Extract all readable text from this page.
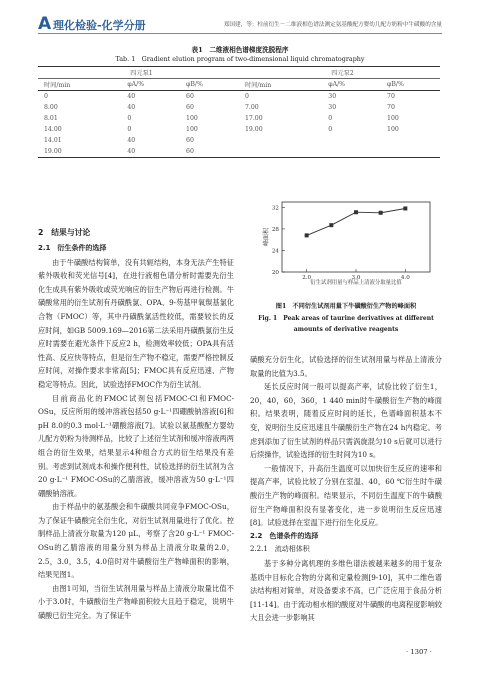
A 理化检验-化学分册	郑国建，等：柱前衍生－二维液相色谱法测定氨基酸配方婴幼儿配方奶粉中牛磺酸的含量
表1　二维液相色谱梯度洗脱程序
Tab. 1　Gradient elution program of two-dimensional liquid chromatography
四元泵1			四元泵2		
时间/min	φA/%	φB/%	时间/min	φA/%	φB/%
0	40	60	0	30	70
8.00	40	60	7.00	30	70
8.01	0	100	17.00	0	100
14.00	0	100	19.00	0	100
14.01	40	60			
19.00	40	60			

2　结果与讨论

2.1　衍生条件的选择

由于牛磺酸结构简单，没有共轭结构，本身无法产生特征紫外吸收和荧光信号[4]，在进行液相色谱分析时需要先衍生化生成具有紫外吸收或荧光响应的衍生产物后再进行检测。牛磺酸常用的衍生试剂有丹磺酰氯、OPA、9-芴基甲氧羰基氯化合物（FMOC）等，其中丹磺酰氯活性较低，需要较长的反应时间，如GB 5009.169—2016第二法采用丹磺酰氯衍生反应时需要在避光条件下反应2 h，检测效率较低；OPA具有活性高、反应快等特点，但是衍生产物不稳定，需要严格控制反应时间，对操作要求非常高[5]；FMOC具有反应迅速、产物稳定等特点。因此，试验选择FMOC作为衍生试剂。

目前商品化的FMOC试剂包括FMOC-Cl和FMOC-OSu，反应所用的缓冲溶液包括50 g·L⁻¹四硼酸钠溶液[6]和pH 8.0的0.3 mol·L⁻¹硼酸溶液[7]。试验以氨基酸配方婴幼儿配方奶粉为待测样品，比较了上述衍生试剂和缓冲溶液两两组合的衍生效果，结果显示4种组合方式的衍生结果没有差别。考虑到试剂成本和操作便利性，试验选择的衍生试剂为含20 g·L⁻¹ FMOC-OSu的乙腈溶液，缓冲溶液为50 g·L⁻¹四硼酸钠溶液。

由于样品中的氨基酸会和牛磺酸共同竞争FMOC-OSu，为了保证牛磺酸完全衍生化，对衍生试剂用量进行了优化。控制样品上清液分取量为120 μL，考察了含20 g·L⁻¹ FMOC-OSu的乙腈溶液的用量分别为样品上清液分取量的2.0，2.5，3.0，3.5，4.0倍时对牛磺酸衍生产物峰面积的影响，结果见图1。

由图1可知，当衍生试剂用量与样品上清液分取量比值不小于3.0时，牛磺酸衍生产物峰面积较大且趋于稳定，说明牛磺酸已衍生完全。为了保证牛

峰面积
衍生试剂用量与样品上清液分取量比值
20
24
28
32
2.0	3.0	4.0
图1　不同衍生试剂用量下牛磺酸衍生产物的峰面积
Fig. 1　Peak areas of taurine derivatives at different amounts of derivative reagents

磺酸充分衍生化，试验选择的衍生试剂用量与样品上清液分取量的比值为3.5。

延长反应时间一般可以提高产率，试验比较了衍生1，20，40，60，360，1 440 min时牛磺酸衍生产物的峰面积。结果表明，随着反应时间的延长，色谱峰面积基本不变，说明衍生反应迅速且牛磺酸衍生产物在24 h内稳定。考虑到添加了衍生试剂的样品只需涡旋混匀10 s后就可以进行后续操作，试验选择的衍生时间为10 s。

一般情况下，升高衍生温度可以加快衍生反应的速率和提高产率，试验比较了分别在室温、40，60 ℃衍生时牛磺酸衍生产物的峰面积。结果显示，不同衍生温度下的牛磺酸衍生产物峰面积没有显著变化，进一步说明衍生反应迅速[8]。试验选择在室温下进行衍生化反应。

2.2　色谱条件的选择

2.2.1　流动相体积

基于多种分离机理的多维色谱法被越来越多的用于复杂基质中目标化合物的分离和定量检测[9-10]，其中二维色谱法结构相对简单，对设备要求不高，已广泛应用于食品分析[11-14]。由于流动相水相的酸度对牛磺酸的电离程度影响较大且会进一步影响其

· 1307 ·
